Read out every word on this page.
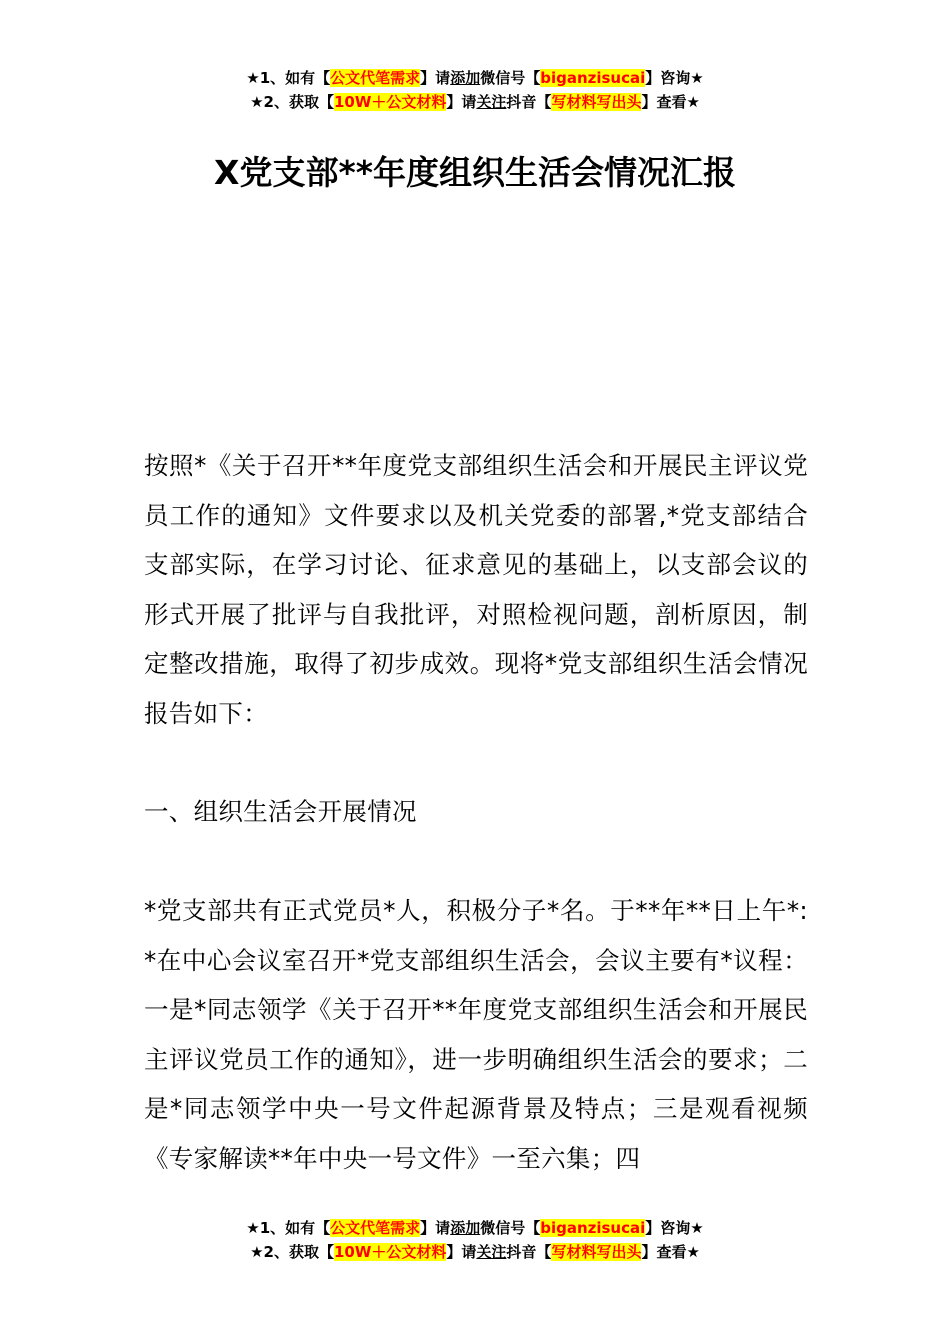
★1、如有【公文代笔需求】请添加微信号【biganzisucai】咨询★
★2、获取【10W＋公文材料】请关注抖音【写材料写出头】查看★
X党支部**年度组织生活会情况汇报
按照*《关于召开**年度党支部组织生活会和开展民主评议党员工作的通知》文件要求以及机关党委的部署,*党支部结合支部实际，在学习讨论、征求意见的基础上，以支部会议的形式开展了批评与自我批评，对照检视问题，剖析原因，制定整改措施，取得了初步成效。现将*党支部组织生活会情况报告如下：
一、组织生活会开展情况
*党支部共有正式党员*人，积极分子*名。于**年**日上午*:*在中心会议室召开*党支部组织生活会，会议主要有*议程：一是*同志领学《关于召开**年度党支部组织生活会和开展民主评议党员工作的通知》，进一步明确组织生活会的要求；二是*同志领学中央一号文件起源背景及特点；三是观看视频《专家解读**年中央一号文件》一至六集；四
★1、如有【公文代笔需求】请添加微信号【biganzisucai】咨询★
★2、获取【10W＋公文材料】请关注抖音【写材料写出头】查看★
